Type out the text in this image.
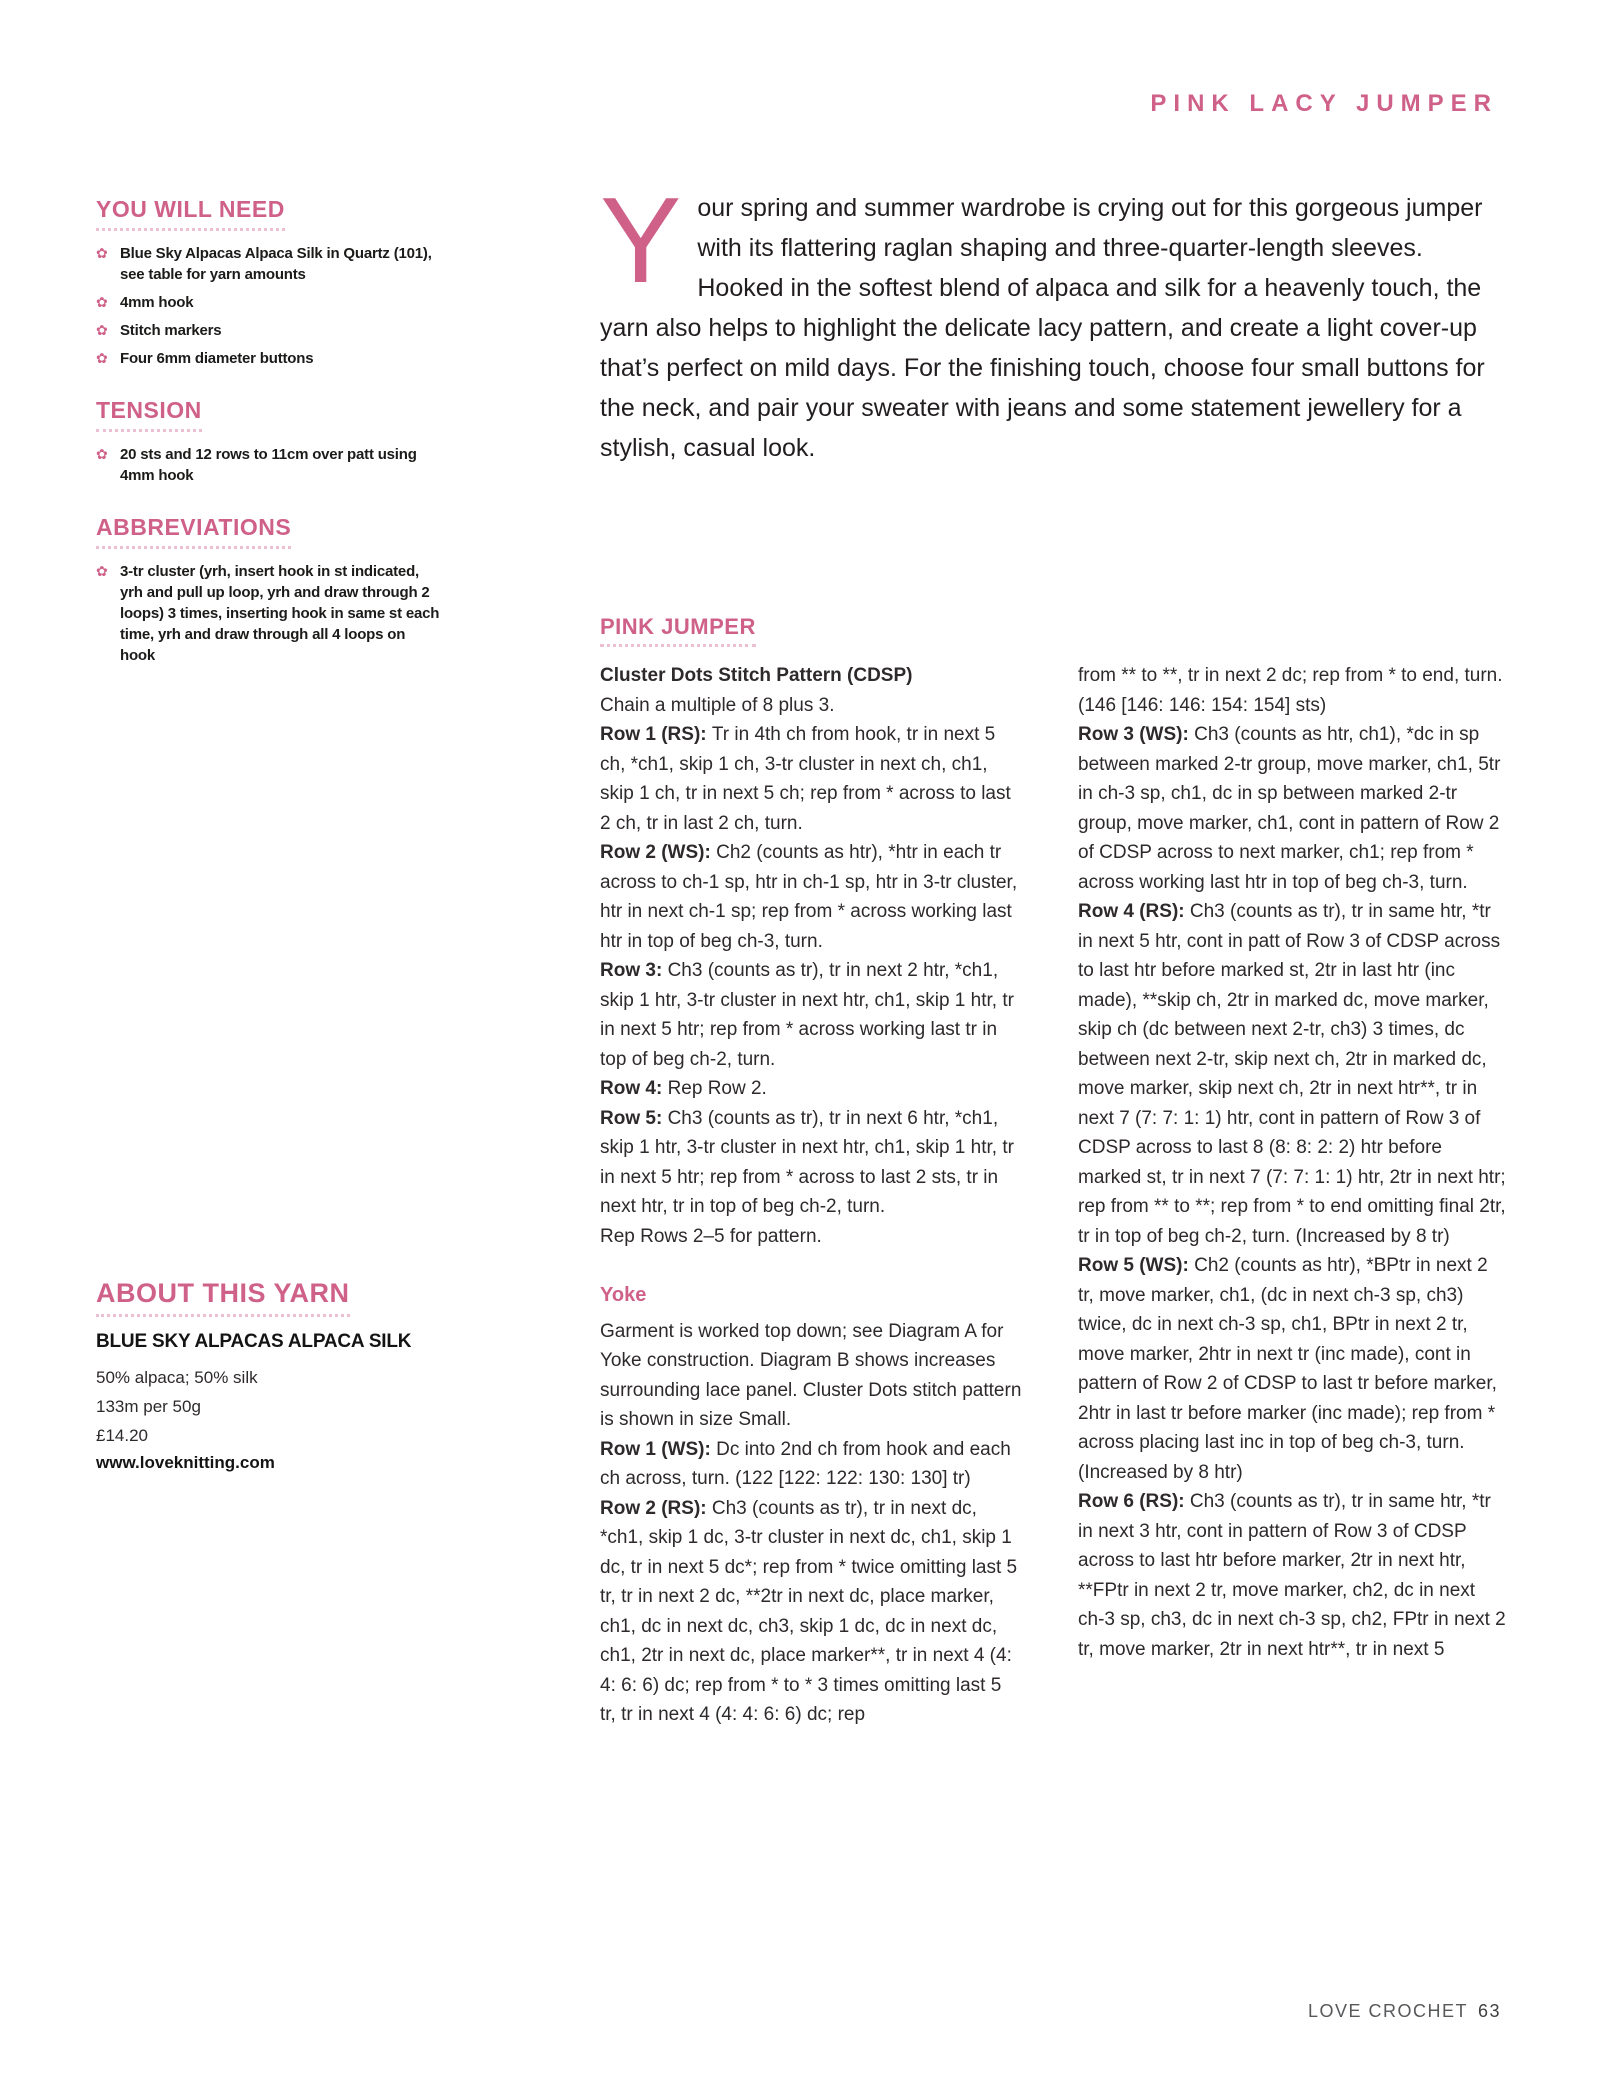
PINK LACY JUMPER
YOU WILL NEED
✿ Blue Sky Alpacas Alpaca Silk in Quartz (101), see table for yarn amounts
✿ 4mm hook
✿ Stitch markers
✿ Four 6mm diameter buttons
TENSION
✿ 20 sts and 12 rows to 11cm over patt using 4mm hook
ABBREVIATIONS
✿ 3-tr cluster (yrh, insert hook in st indicated, yrh and pull up loop, yrh and draw through 2 loops) 3 times, inserting hook in same st each time, yrh and draw through all 4 loops on hook
ABOUT THIS YARN
BLUE SKY ALPACAS ALPACA SILK
50% alpaca; 50% silk
133m per 50g
£14.20
www.loveknitting.com

Your spring and summer wardrobe is crying out for this gorgeous jumper with its flattering raglan shaping and three-quarter-length sleeves. Hooked in the softest blend of alpaca and silk for a heavenly touch, the yarn also helps to highlight the delicate lacy pattern, and create a light cover-up that’s perfect on mild days. For the finishing touch, choose four small buttons for the neck, and pair your sweater with jeans and some statement jewellery for a stylish, casual look.

PINK JUMPER

Cluster Dots Stitch Pattern (CDSP)

Chain a multiple of 8 plus 3.

Row 1 (RS): Tr in 4th ch from hook, tr in next 5 ch, *ch1, skip 1 ch, 3-tr cluster in next ch, ch1, skip 1 ch, tr in next 5 ch; rep from * across to last 2 ch, tr in last 2 ch, turn.

Row 2 (WS): Ch2 (counts as htr), *htr in each tr across to ch-1 sp, htr in ch-1 sp, htr in 3-tr cluster, htr in next ch-1 sp; rep from * across working last htr in top of beg ch-3, turn.

Row 3: Ch3 (counts as tr), tr in next 2 htr, *ch1, skip 1 htr, 3-tr cluster in next htr, ch1, skip 1 htr, tr in next 5 htr; rep from * across working last tr in top of beg ch-2, turn.

Row 4: Rep Row 2.

Row 5: Ch3 (counts as tr), tr in next 6 htr, *ch1, skip 1 htr, 3-tr cluster in next htr, ch1, skip 1 htr, tr in next 5 htr; rep from * across to last 2 sts, tr in next htr, tr in top of beg ch-2, turn.

Rep Rows 2–5 for pattern.

Yoke

Garment is worked top down; see Diagram A for Yoke construction. Diagram B shows increases surrounding lace panel. Cluster Dots stitch pattern is shown in size Small.

Row 1 (WS): Dc into 2nd ch from hook and each ch across, turn. (122 [122: 122: 130: 130] tr)

Row 2 (RS): Ch3 (counts as tr), tr in next dc, *ch1, skip 1 dc, 3-tr cluster in next dc, ch1, skip 1 dc, tr in next 5 dc*; rep from * twice omitting last 5 tr, tr in next 2 dc, **2tr in next dc, place marker, ch1, dc in next dc, ch3, skip 1 dc, dc in next dc, ch1, 2tr in next dc, place marker**, tr in next 4 (4: 4: 6: 6) dc; rep from * to * 3 times omitting last 5 tr, tr in next 4 (4: 4: 6: 6) dc; rep

from ** to **, tr in next 2 dc; rep from * to end, turn. (146 [146: 146: 154: 154] sts)

Row 3 (WS): Ch3 (counts as htr, ch1), *dc in sp between marked 2-tr group, move marker, ch1, 5tr in ch-3 sp, ch1, dc in sp between marked 2-tr group, move marker, ch1, cont in pattern of Row 2 of CDSP across to next marker, ch1; rep from * across working last htr in top of beg ch-3, turn.

Row 4 (RS): Ch3 (counts as tr), tr in same htr, *tr in next 5 htr, cont in patt of Row 3 of CDSP across to last htr before marked st, 2tr in last htr (inc made), **skip ch, 2tr in marked dc, move marker, skip ch (dc between next 2-tr, ch3) 3 times, dc between next 2-tr, skip next ch, 2tr in marked dc, move marker, skip next ch, 2tr in next htr**, tr in next 7 (7: 7: 1: 1) htr, cont in pattern of Row 3 of CDSP across to last 8 (8: 8: 2: 2) htr before marked st, tr in next 7 (7: 7: 1: 1) htr, 2tr in next htr; rep from ** to **; rep from * to end omitting final 2tr, tr in top of beg ch-2, turn. (Increased by 8 tr)

Row 5 (WS): Ch2 (counts as htr), *BPtr in next 2 tr, move marker, ch1, (dc in next ch-3 sp, ch3) twice, dc in next ch-3 sp, ch1, BPtr in next 2 tr, move marker, 2htr in next tr (inc made), cont in pattern of Row 2 of CDSP to last tr before marker, 2htr in last tr before marker (inc made); rep from * across placing last inc in top of beg ch-3, turn. (Increased by 8 htr)

Row 6 (RS): Ch3 (counts as tr), tr in same htr, *tr in next 3 htr, cont in pattern of Row 3 of CDSP across to last htr before marker, 2tr in next htr, **FPtr in next 2 tr, move marker, ch2, dc in next ch-3 sp, ch3, dc in next ch-3 sp, ch2, FPtr in next 2 tr, move marker, 2tr in next htr**, tr in next 5

LOVE CROCHET 63
